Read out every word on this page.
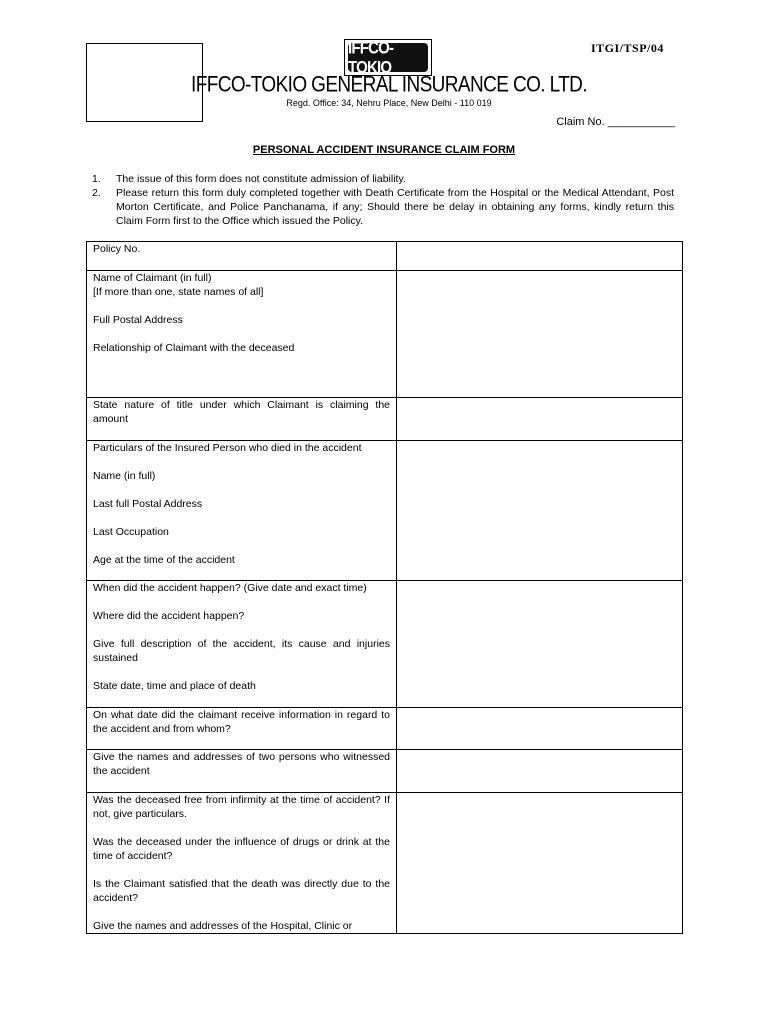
IFFCO-TOKIO
ITGI/TSP/04
IFFCO-TOKIO GENERAL INSURANCE CO. LTD.
Regd. Office: 34, Nehru Place, New Delhi - 110 019
Claim No. ___________
PERSONAL ACCIDENT INSURANCE CLAIM FORM
1.	The issue of this form does not constitute admission of liability.
2.	Please return this form duly completed together with Death Certificate from the Hospital or the Medical Attendant, Post Morton Certificate, and Police Panchanama, if any; Should there be delay in obtaining any forms, kindly return this Claim Form first to the Office which issued the Policy.

Policy No.	

Name of Claimant (in full)
[If more than one, state names of all]

Full Postal Address

Relationship of Claimant with the deceased	

State nature of title under which Claimant is claiming the amount	

Particulars of the Insured Person who died in the accident

Name (in full)

Last full Postal Address

Last Occupation

Age at the time of the accident	

When did the accident happen? (Give date and exact time)

Where did the accident happen?

Give full description of the accident, its cause and injuries sustained

State date, time and place of death	

On what date did the claimant receive information in regard to the accident and from whom?	

Give the names and addresses of two persons who witnessed the accident	

Was the deceased free from infirmity at the time of accident? If not, give particulars.

Was the deceased under the influence of drugs or drink at the time of accident?

Is the Claimant satisfied that the death was directly due to the accident?

Give the names and addresses of the Hospital, Clinic or	
